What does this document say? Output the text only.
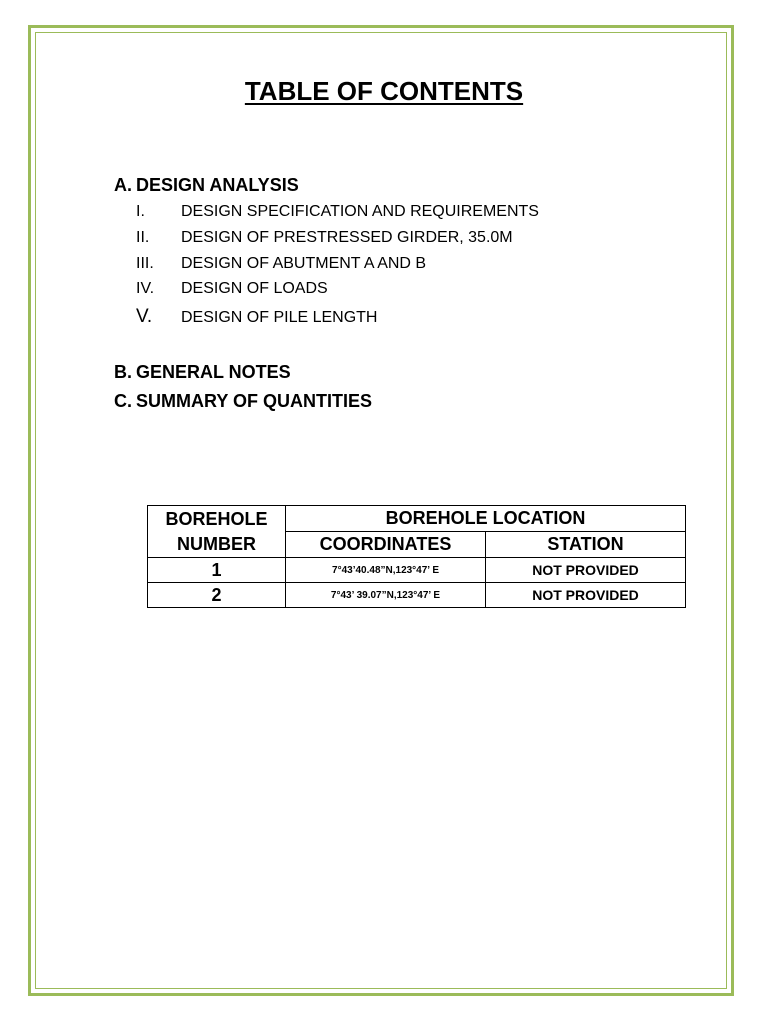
TABLE OF CONTENTS
A. DESIGN ANALYSIS
I. DESIGN SPECIFICATION AND REQUIREMENTS
II. DESIGN OF PRESTRESSED GIRDER, 35.0M
III. DESIGN OF ABUTMENT A AND B
IV. DESIGN OF LOADS
V. DESIGN OF PILE LENGTH
B. GENERAL NOTES
C. SUMMARY OF QUANTITIES
BOREHOLE NUMBER	BOREHOLE LOCATION	
	COORDINATES	STATION
1	7°43’40.48”N,123°47’ E	NOT PROVIDED
2	7°43’ 39.07”N,123°47’ E	NOT PROVIDED
